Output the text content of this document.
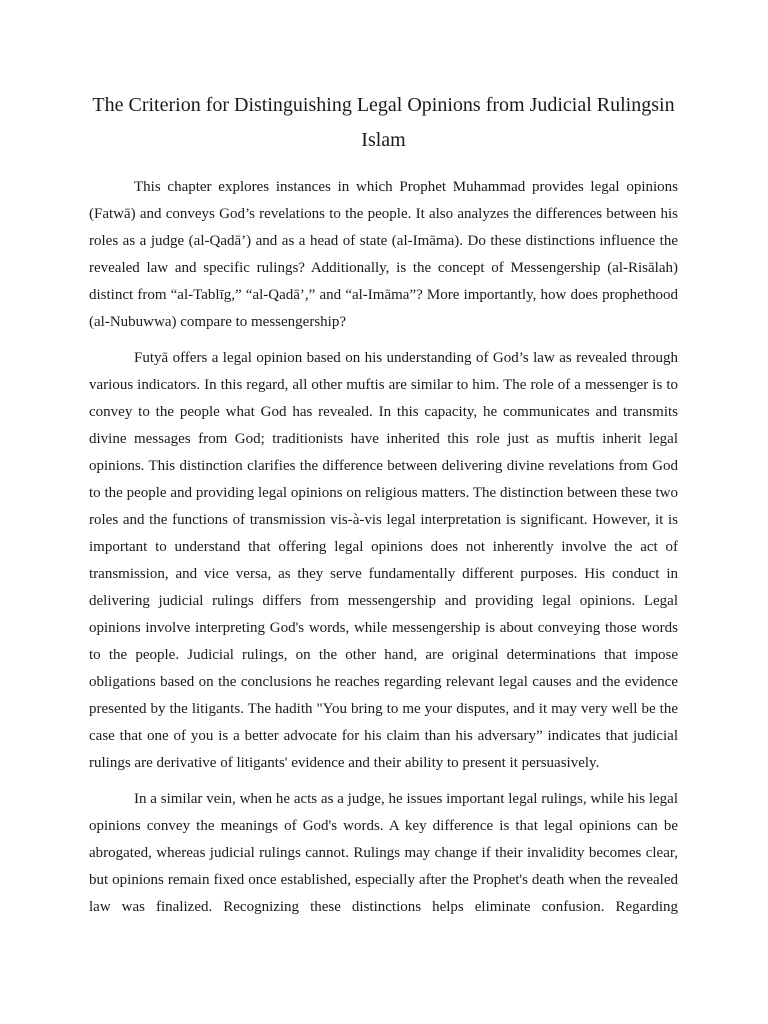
The Criterion for Distinguishing Legal Opinions from Judicial Rulingsin Islam

This chapter explores instances in which Prophet Muhammad provides legal opinions (Fatwā) and conveys God’s revelations to the people. It also analyzes the differences between his roles as a judge (al-Qadā’) and as a head of state (al-Imāma). Do these distinctions influence the revealed law and specific rulings? Additionally, is the concept of Messengership (al-Risālah) distinct from “al-Tablīg,” “al-Qadā’,” and “al-Imāma”? More importantly, how does prophethood (al-Nubuwwa) compare to messengership?

Futyā offers a legal opinion based on his understanding of God’s law as revealed through various indicators. In this regard, all other muftis are similar to him. The role of a messenger is to convey to the people what God has revealed. In this capacity, he communicates and transmits divine messages from God; traditionists have inherited this role just as muftis inherit legal opinions. This distinction clarifies the difference between delivering divine revelations from God to the people and providing legal opinions on religious matters. The distinction between these two roles and the functions of transmission vis-à-vis legal interpretation is significant. However, it is important to understand that offering legal opinions does not inherently involve the act of transmission, and vice versa, as they serve fundamentally different purposes. His conduct in delivering judicial rulings differs from messengership and providing legal opinions. Legal opinions involve interpreting God's words, while messengership is about conveying those words to the people. Judicial rulings, on the other hand, are original determinations that impose obligations based on the conclusions he reaches regarding relevant legal causes and the evidence presented by the litigants. The hadith "You bring to me your disputes, and it may very well be the case that one of you is a better advocate for his claim than his adversary” indicates that judicial rulings are derivative of litigants' evidence and their ability to present it persuasively.

In a similar vein, when he acts as a judge, he issues important legal rulings, while his legal opinions convey the meanings of God's words. A key difference is that legal opinions can be abrogated, whereas judicial rulings cannot. Rulings may change if their invalidity becomes clear, but opinions remain fixed once established, especially after the Prophet's death when the revealed law was finalized. Recognizing these distinctions helps eliminate confusion. Regarding
